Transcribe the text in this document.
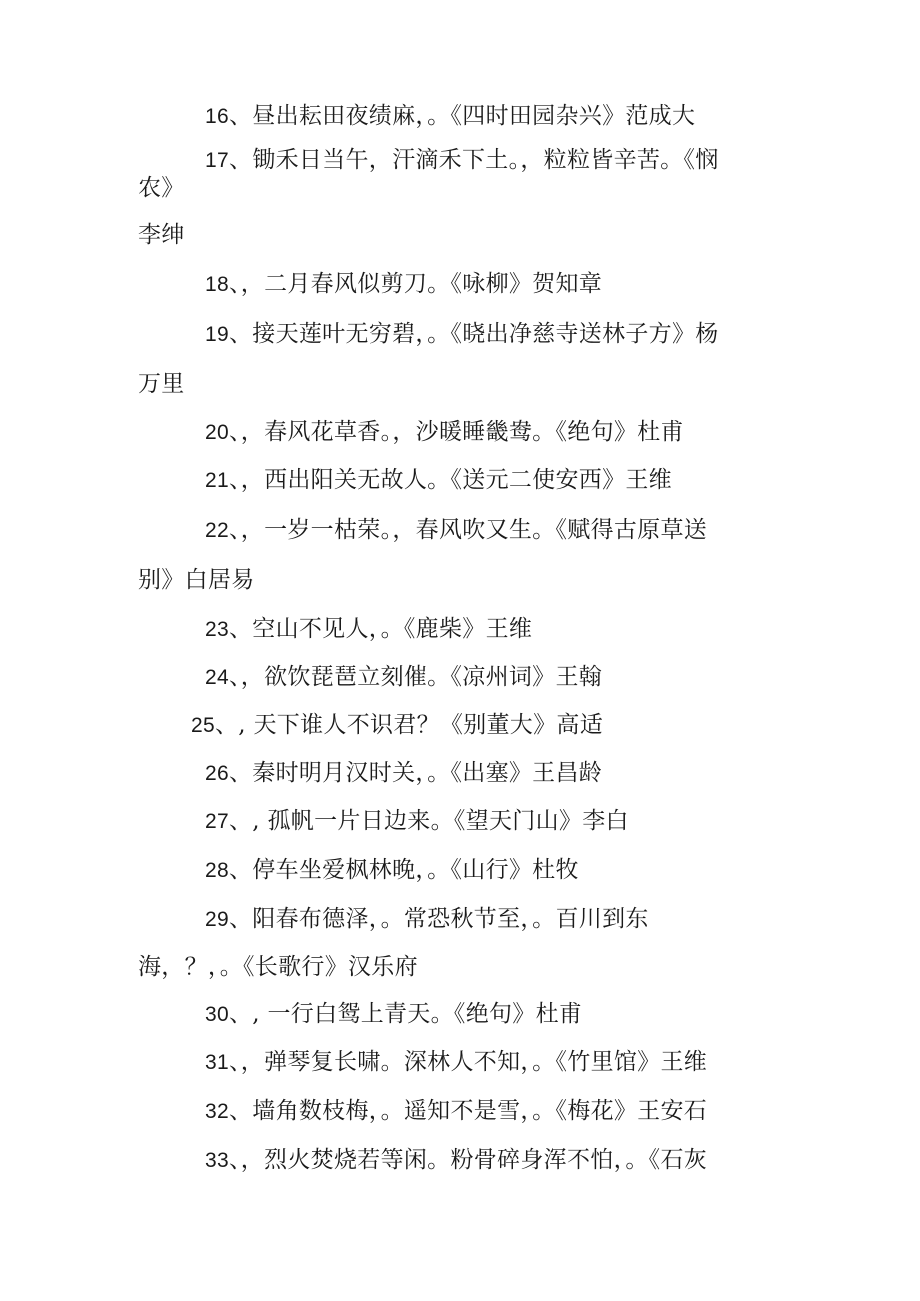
16、昼出耘田夜绩麻，。《四时田园杂兴》范成大
17、锄禾日当午，汗滴禾下土。，粒粒皆辛苦。《悯
农》
李绅
18、，二月春风似剪刀。《咏柳》贺知章
19、接天莲叶无穷碧，。《晓出净慈寺送林子方》杨
万里
20、，春风花草香。，沙暖睡畿鸯。《绝句》杜甫
21、，西出阳关无故人。《送元二使安西》王维
22、，一岁一枯荣。，春风吹又生。《赋得古原草送
别》白居易
23、空山不见人，。《鹿柴》王维
24、，欲饮琵琶立刻催。《凉州词》王翰
25、, 天下谁人不识君？《别董大》高适
26、秦时明月汉时关，。《出塞》王昌龄
27、, 孤帆一片日边来。《望天门山》李白
28、停车坐爱枫林晚，。《山行》杜牧
29、阳春布德泽，。常恐秋节至，。百川到东
海，？，。《长歌行》汉乐府
30、, 一行白鸳上青天。《绝句》杜甫
31、，弹琴复长啸。深林人不知，。《竹里馆》王维
32、墙角数枝梅，。遥知不是雪，。《梅花》王安石
33、，烈火焚烧若等闲。粉骨碎身浑不怕，。《石灰
